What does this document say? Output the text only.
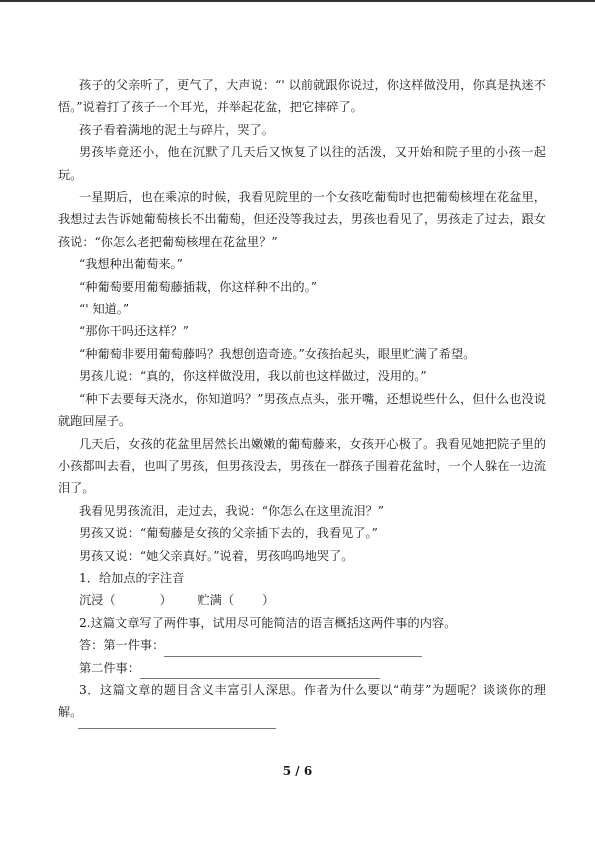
孩子的父亲听了，更气了，大声说：“' 以前就跟你说过，你这样做没用，你真是执迷不悟。”说着打了孩子一个耳光，并举起花盆，把它摔碎了。

孩子看着满地的泥土与碎片，哭了。

男孩毕竟还小，他在沉默了几天后又恢复了以往的活泼，又开始和院子里的小孩一起玩。

一星期后，也在乘凉的时候，我看见院里的一个女孩吃葡萄时也把葡萄核埋在花盆里，我想过去告诉她葡萄核长不出葡萄，但还没等我过去，男孩也看见了，男孩走了过去，跟女孩说：“你怎么老把葡萄核埋在花盆里？”

“我想种出葡萄来。”

“种葡萄要用葡萄藤插栽，你这样种不出的。”

“' 知道。”

“那你干吗还这样？”

“种葡萄非要用葡萄藤吗？我想创造奇迹。”女孩抬起头，眼里贮满了希望。

男孩儿说：“真的，你这样做没用，我以前也这样做过，没用的。”

“种下去要每天浇水，你知道吗？”男孩点点头，张开嘴，还想说些什么，但什么也没说就跑回屋子。

几天后，女孩的花盆里居然长出嫩嫩的葡萄藤来，女孩开心极了。我看见她把院子里的小孩都叫去看，也叫了男孩，但男孩没去，男孩在一群孩子围着花盆时，一个人躲在一边流泪了。

我看见男孩流泪，走过去，我说：“你怎么在这里流泪？”

男孩又说：“葡萄藤是女孩的父亲插下去的，我看见了。”

男孩又说：“她父亲真好。”说着，男孩呜呜地哭了。

1．给加点的字注音

沉浸（	） 贮满（ ）

2.这篇文章写了两件事，试用尽可能简洁的语言概括这两件事的内容。

答：第一件事：

第二件事：

3．这篇文章的题目含义丰富引人深思。作者为什么要以“萌芽”为题呢？谈谈你的理解。

5 / 6
